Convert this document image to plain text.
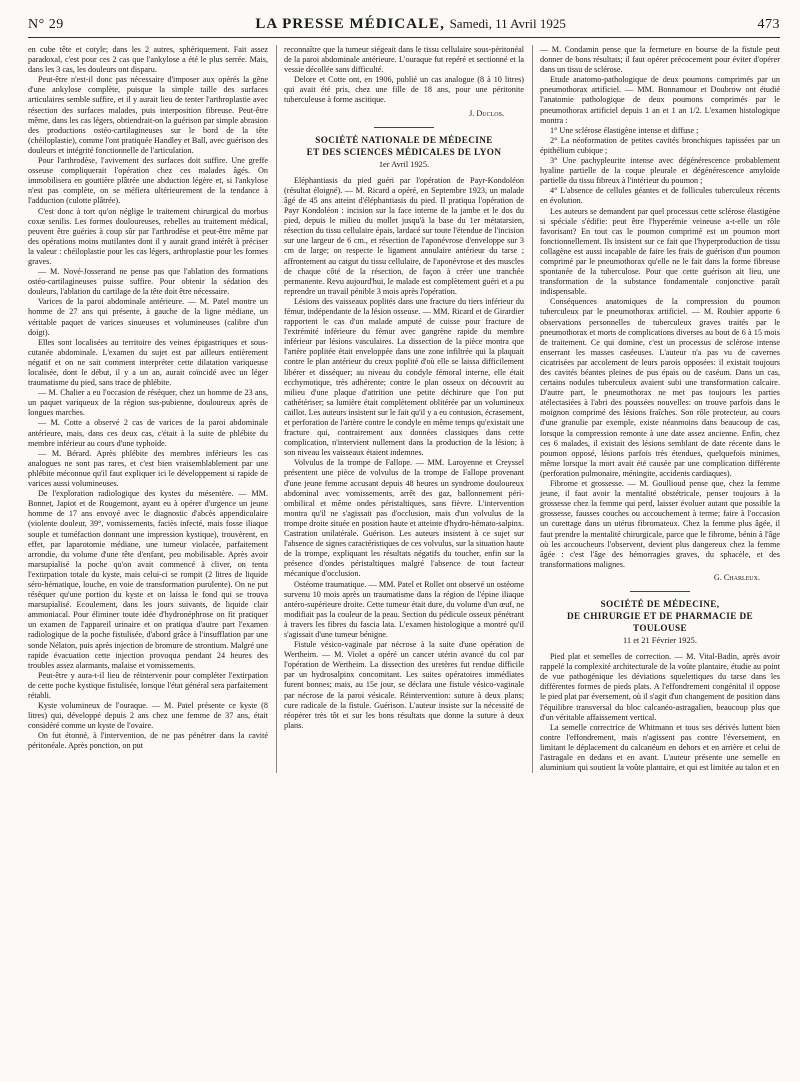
N° 29	LA PRESSE MÉDICALE, Samedi, 11 Avril 1925	473

en cube tête et cotyle; dans les 2 autres, sphériquement. Fait assez paradoxal, c'est pour ces 2 cas que l'ankylose a été le plus serrée. Mais, dans les 3 cas, les douleurs ont disparu.

Peut-être n'est-il donc pas nécessaire d'imposer aux opérés la gêne d'une ankylose complète, puisque la simple taille des surfaces articulaires semble suffire, et il y aurait lieu de tenter l'arthroplastie avec résection des surfaces malades, puis interposition fibreuse. Peut-être même, dans les cas légers, obtiendrait-on la guérison par simple abrasion des productions ostéo-cartilagineuses sur le bord de la tête (chéiloplastie), comme l'ont pratiquée Handley et Ball, avec guérison des douleurs et intégrité fonctionnelle de l'articulation.

Pour l'arthrodèse, l'avivement des surfaces doit suffire. Une greffe osseuse compliquerait l'opération chez ces malades âgés. On immobilisera en gouttière plâtrée une abduction légère et, si l'ankylose n'est pas complète, on se méfiera ultérieurement de la tendance à l'adduction (culotte plâtrée).

C'est donc à tort qu'on néglige le traitement chirurgical du morbus coxæ senilis. Les formes douloureuses, rebelles au traitement médical, peuvent être guéries à coup sûr par l'arthrodèse et peut-être même par des opérations moins mutilantes dont il y aurait grand intérêt à préciser la valeur : chéiloplastie pour les cas légers, arthroplastie pour les formes graves.

— M. Nové-Josserand ne pense pas que l'ablation des formations ostéo-cartilagineuses puisse suffire. Pour obtenir la sédation des douleurs, l'ablation du cartilage de la tête doit être nécessaire.

Varices de la paroi abdominale antérieure. — M. Patel montre un homme de 27 ans qui présente, à gauche de la ligne médiane, un véritable paquet de varices sinueuses et volumineuses (calibre d'un doigt).

Elles sont localisées au territoire des veines épigastriques et sous-cutanée abdominale. L'examen du sujet est par ailleurs entièrement négatif et on ne sait comment interpréter cette dilatation variqueuse localisée, dont le début, il y a un an, aurait coïncidé avec un léger traumatisme du pied, sans trace de phlébite.

— M. Chalier a eu l'occasion de réséquer, chez un homme de 23 ans, un paquet variqueux de la région sus-pubienne, douloureux après de longues marches.

— M. Cotte a observé 2 cas de varices de la paroi abdominale antérieure, mais, dans ces deux cas, c'était à la suite de phlébite du membre inférieur au cours d'une typhoïde.

— M. Bérard. Après phlébite des membres inférieurs les cas analogues ne sont pas rares, et c'est bien vraisemblablement par une phlébite méconnue qu'il faut expliquer ici le développement si rapide de varices aussi volumineuses.

De l'exploration radiologique des kystes du mésentère. — MM. Bonnet, Japiot et de Rougemont, ayant eu à opérer d'urgence un jeune homme de 17 ans envoyé avec le diagnostic d'abcès appendiculaire (violente douleur, 39°, vomissements, faciès infecté, mais fosse iliaque souple et tuméfaction donnant une impression kystique), trouvèrent, en effet, par laparotomie médiane, une tumeur violacée, parfaitement arrondie, du volume d'une tête d'enfant, peu mobilisable. Après avoir marsupialisé la poche qu'on avait commencé à cliver, on tenta l'extirpation totale du kyste, mais celui-ci se rompit (2 litres de liquide séro-hématique, louche, en voie de transformation purulente). On ne put réséquer qu'une portion du kyste et on laissa le fond qui se trouva marsupialisé. Ecoulement, dans les jours suivants, de liquide clair ammoniacal. Pour éliminer toute idée d'hydronéphrose on fit pratiquer un examen de l'appareil urinaire et on pratiqua d'autre part l'examen radiologique de la poche fistulisée, d'abord grâce à l'insufflation par une sonde Nélaton, puis après injection de bromure de strontium. Malgré une rapide évacuation cette injection provoqua pendant 24 heures des troubles assez alarmants, malaise et vomissements.

Peut-être y aura-t-il lieu de réintervenir pour compléter l'extirpation de cette poche kystique fistulisée, lorsque l'état général sera parfaitement rétabli.

Kyste volumineux de l'ouraque. — M. Patel présente ce kyste (8 litres) qui, développé depuis 2 ans chez une femme de 37 ans, était considéré comme un kyste de l'ovaire.

On fut étonné, à l'intervention, de ne pas pénétrer dans la cavité péritonéale. Après ponction, on put

reconnaître que la tumeur siégeait dans le tissu cellulaire sous-péritonéal de la paroi abdominale antérieure. L'ouraque fut repéré et sectionné et la vessie décollée sans difficulté.

Delore et Cotte ont, en 1906, publié un cas analogue (8 à 10 litres) qui avait été pris, chez une fille de 18 ans, pour une péritonite tuberculeuse à forme ascitique.

J. Duclos.
SOCIÉTÉ NATIONALE DE MÉDECINE
ET DES SCIENCES MÉDICALES DE LYON
1er Avril 1925.

Eléphantiasis du pied guéri par l'opération de Payr-Kondoléon (résultat éloigné). — M. Ricard a opéré, en Septembre 1923, un malade âgé de 45 ans atteint d'éléphantiasis du pied. Il pratiqua l'opération de Payr Kondoléon : incision sur la face interne de la jambe et le dos du pied, depuis le milieu du mollet jusqu'à la base du 1er métatarsien, résection du tissu cellulaire épais, lardacé sur toute l'étendue de l'incision sur une largeur de 6 cm., et résection de l'aponévrose d'enveloppe sur 3 cm de large; on respecte le ligament annulaire antérieur du tarse ; affrontement au catgut du tissu cellulaire, de l'aponévrose et des muscles de chaque côté de la résection, de façon à créer une tranchée permanente. Revu aujourd'hui, le malade est complètement guéri et a pu reprendre un travail pénible 3 mois après l'opération.

Lésions des vaisseaux poplités dans une fracture du tiers inférieur du fémur, indépendante de la lésion osseuse. — MM. Ricard et de Girardier rapportent le cas d'un malade amputé de cuisse pour fracture de l'extrémité inférieure du fémur avec gangrène rapide du membre inférieur par lésions vasculaires. La dissection de la pièce montra que l'artère poplitée était enveloppée dans une zone infiltrée qui la plaquait contre le plan antérieur du creux poplité d'où elle se laissa difficilement libérer et disséquer; au niveau du condyle fémoral interne, elle était ecchymotique, très adhérente; contre le plan osseux on découvrit au milieu d'une plaque d'attrition une petite déchirure que l'on put cathétériser; sa lumière était complètement oblitérée par un volumineux caillot. Les auteurs insistent sur le fait qu'il y a eu contusion, écrasement, et perforation de l'artère contre le condyle en même temps qu'existait une fracture qui, contrairement aux données classiques dans cette complication, n'intervient nullement dans la production de la lésion; à son niveau les vaisseaux étaient indemnes.

Volvulus de la trompe de Fallope. — MM. Laroyenne et Creyssel présentent une pièce de volvulus de la trompe de Fallope provenant d'une jeune femme accusant depuis 48 heures un syndrome douloureux abdominal avec vomissements, arrêt des gaz, ballonnement péri-ombilical et même ondes péristaltiques, sans fièvre. L'intervention montra qu'il ne s'agissait pas d'occlusion, mais d'un volvulus de la trompe droite située en position haute et atteinte d'hydro-hémato-salpinx. Castration unilatérale. Guérison. Les auteurs insistent à ce sujet sur l'absence de signes caractéristiques de ces volvulus, sur la situation haute de la trompe, expliquant les résultats négatifs du toucher, enfin sur la présence d'ondes péristaltiques malgré l'absence de tout facteur mécanique d'occlusion.

Ostéome traumatique. — MM. Patel et Rollet ont observé un ostéome survenu 10 mois après un traumatisme dans la région de l'épine iliaque antéro-supérieure droite. Cette tumeur était dure, du volume d'un œuf, ne modifiait pas la couleur de la peau. Section du pédicule osseux pénétrant à travers les fibres du fascia lata. L'examen histologique a montré qu'il s'agissait d'une tumeur bénigne.

Fistule vésico-vaginale par nécrose à la suite d'une opération de Wertheim. — M. Violet a opéré un cancer utérin avancé du col par l'opération de Wertheim. La dissection des uretères fut rendue difficile par un hydrosalpinx concomitant. Les suites opératoires immédiates furent bonnes; mais, au 15e jour, se déclara une fistule vésico-vaginale par nécrose de la paroi vésicale. Réintervention: suture à deux plans; cure radicale de la fistule. Guérison. L'auteur insiste sur la nécessité de réopérer très tôt et sur les bons résultats que donne la suture à deux plans.

— M. Condamin pense que la fermeture en bourse de la fistule peut donner de bons résultats; il faut opérer précocement pour éviter d'opérer dans un tissu de sclérose.

Etude anatomo-pathologique de deux poumons comprimés par un pneumothorax artificiel. — MM. Bonnamour et Doubrow ont étudié l'anatomie pathologique de deux poumons comprimés par le pneumothorax artificiel depuis 1 an et 1 an 1/2. L'examen histologique montra :

1° Une sclérose élastigène intense et diffuse ;

2° La néoformation de petites cavités bronchiques tapissées par un épithélium cubique ;

3° Une pachypleurite intense avec dégénérescence probablement hyaline partielle de la coque pleurale et dégénérescence amyloïde partielle du tissu fibreux à l'intérieur du poumon ;

4° L'absence de cellules géantes et de follicules tuberculeux récents en évolution.

Les auteurs se demandent par quel processus cette sclérose élastigène si spéciale s'édifie: peut être l'hyperémie veineuse a-t-elle un rôle favorisant? En tout cas le poumon comprimé est un poumon mort fonctionnellement. Ils insistent sur ce fait que l'hyperproduction de tissu collagène est aussi incapable de faire les frais de guérison d'un poumon comprimé par le pneumothorax qu'elle ne le fait dans la forme fibreuse spontanée de la tuberculose. Pour que cette guérison ait lieu, une transformation de la substance fondamentale conjonctive paraît indispensable.

Conséquences anatomiques de la compression du poumon tuberculeux par le pneumothorax artificiel. — M. Roubier apporte 6 observations personnelles de tuberculeux graves traités par le pneumothorax et morts de complications diverses au bout de 6 à 15 mois de traitement. Ce qui domine, c'est un processus de sclérose intense enserrant les masses caséeuses. L'auteur n'a pas vu de cavernes cicatrisées par accolement de leurs parois opposées: il existait toujours des cavités béantes pleines de pus épais ou de caséum. Dans un cas, certains nodules tuberculeux avaient subi une transformation calcaire. D'autre part, le pneumothorax ne met pas toujours les parties atélectasiées à l'abri des poussées nouvelles: on trouve parfois dans le moignon comprimé des lésions fraîches. Son rôle protecteur, au cours d'une granulie par exemple, existe néanmoins dans beaucoup de cas, lorsque la compression remonte à une date assez ancienne. Enfin, chez ces 6 malades, il existait des lésions semblant de date récente dans le poumon opposé, lésions parfois très étendues, quelquefois minimes, même lorsque la mort avait été causée par une complication différente (perforation pulmonaire, méningite, accidents cardiaques).

Fibrome et grossesse. — M. Goullioud pense que, chez la femme jeune, il faut avoir la mentalité obstétricale, penser toujours à la grossesse chez la femme qui perd, laisser évoluer autant que possible la grossesse, fausses couches ou accouchement à terme; faire à l'occasion un curettage dans un utérus fibromateux. Chez la femme plus âgée, il faut prendre la mentalité chirurgicale, parce que le fibrome, bénin à l'âge où les accoucheurs l'observent, devient plus dangereux chez la femme âgée : c'est l'âge des hémorragies graves, du sphacèle, et des transformations malignes.

G. Charleux.
SOCIÉTÉ DE MÉDECINE,
DE CHIRURGIE ET DE PHARMACIE DE TOULOUSE
11 et 21 Février 1925.

Pied plat et semelles de correction. — M. Vital-Badin, après avoir rappelé la complexité architecturale de la voûte plantaire, étudie au point de vue pathogénique les déviations squelettiques du tarse dans les différentes formes de pieds plats. A l'effondrement congénital il oppose le pied plat par éversement, où il s'agit d'un changement de position dans l'équilibre transversal du bloc calcanéo-astragalien, beaucoup plus que d'un véritable affaissement vertical.

La semelle correctrice de Whitmann et tous ses dérivés luttent bien contre l'effondrement, mais n'agissent pas contre l'éversement, en limitant le déplacement du calcanéum en dehors et en arrière et celui de l'astragale en dedans et en avant. L'auteur présente une semelle en aluminium qui soutient la voûte plantaire, et qui est limitée au talon et en
